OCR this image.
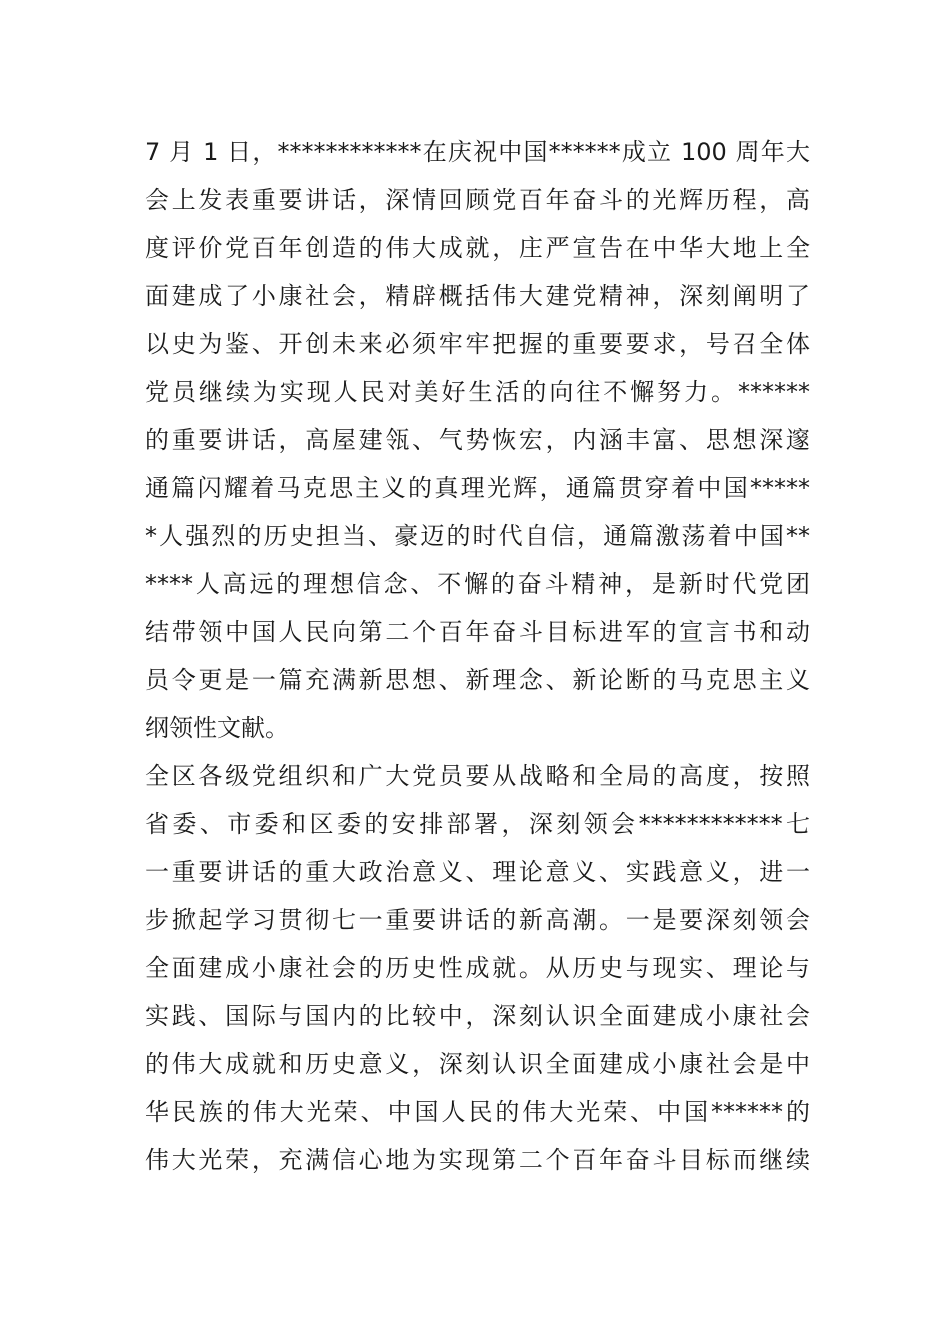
7 月 1 日，************在庆祝中国******成立 100 周年大
会上发表重要讲话，深情回顾党百年奋斗的光辉历程，高
度评价党百年创造的伟大成就，庄严宣告在中华大地上全
面建成了小康社会，精辟概括伟大建党精神，深刻阐明了
以史为鉴、开创未来必须牢牢把握的重要要求，号召全体
党员继续为实现人民对美好生活的向往不懈努力。******
的重要讲话，高屋建瓴、气势恢宏，内涵丰富、思想深邃
通篇闪耀着马克思主义的真理光辉，通篇贯穿着中国*****
*人强烈的历史担当、豪迈的时代自信，通篇激荡着中国**
****人高远的理想信念、不懈的奋斗精神，是新时代党团
结带领中国人民向第二个百年奋斗目标进军的宣言书和动
员令更是一篇充满新思想、新理念、新论断的马克思主义
纲领性文献。
全区各级党组织和广大党员要从战略和全局的高度，按照
省委、市委和区委的安排部署，深刻领会************七
一重要讲话的重大政治意义、理论意义、实践意义，进一
步掀起学习贯彻七一重要讲话的新高潮。一是要深刻领会
全面建成小康社会的历史性成就。从历史与现实、理论与
实践、国际与国内的比较中，深刻认识全面建成小康社会
的伟大成就和历史意义，深刻认识全面建成小康社会是中
华民族的伟大光荣、中国人民的伟大光荣、中国******的
伟大光荣，充满信心地为实现第二个百年奋斗目标而继续
